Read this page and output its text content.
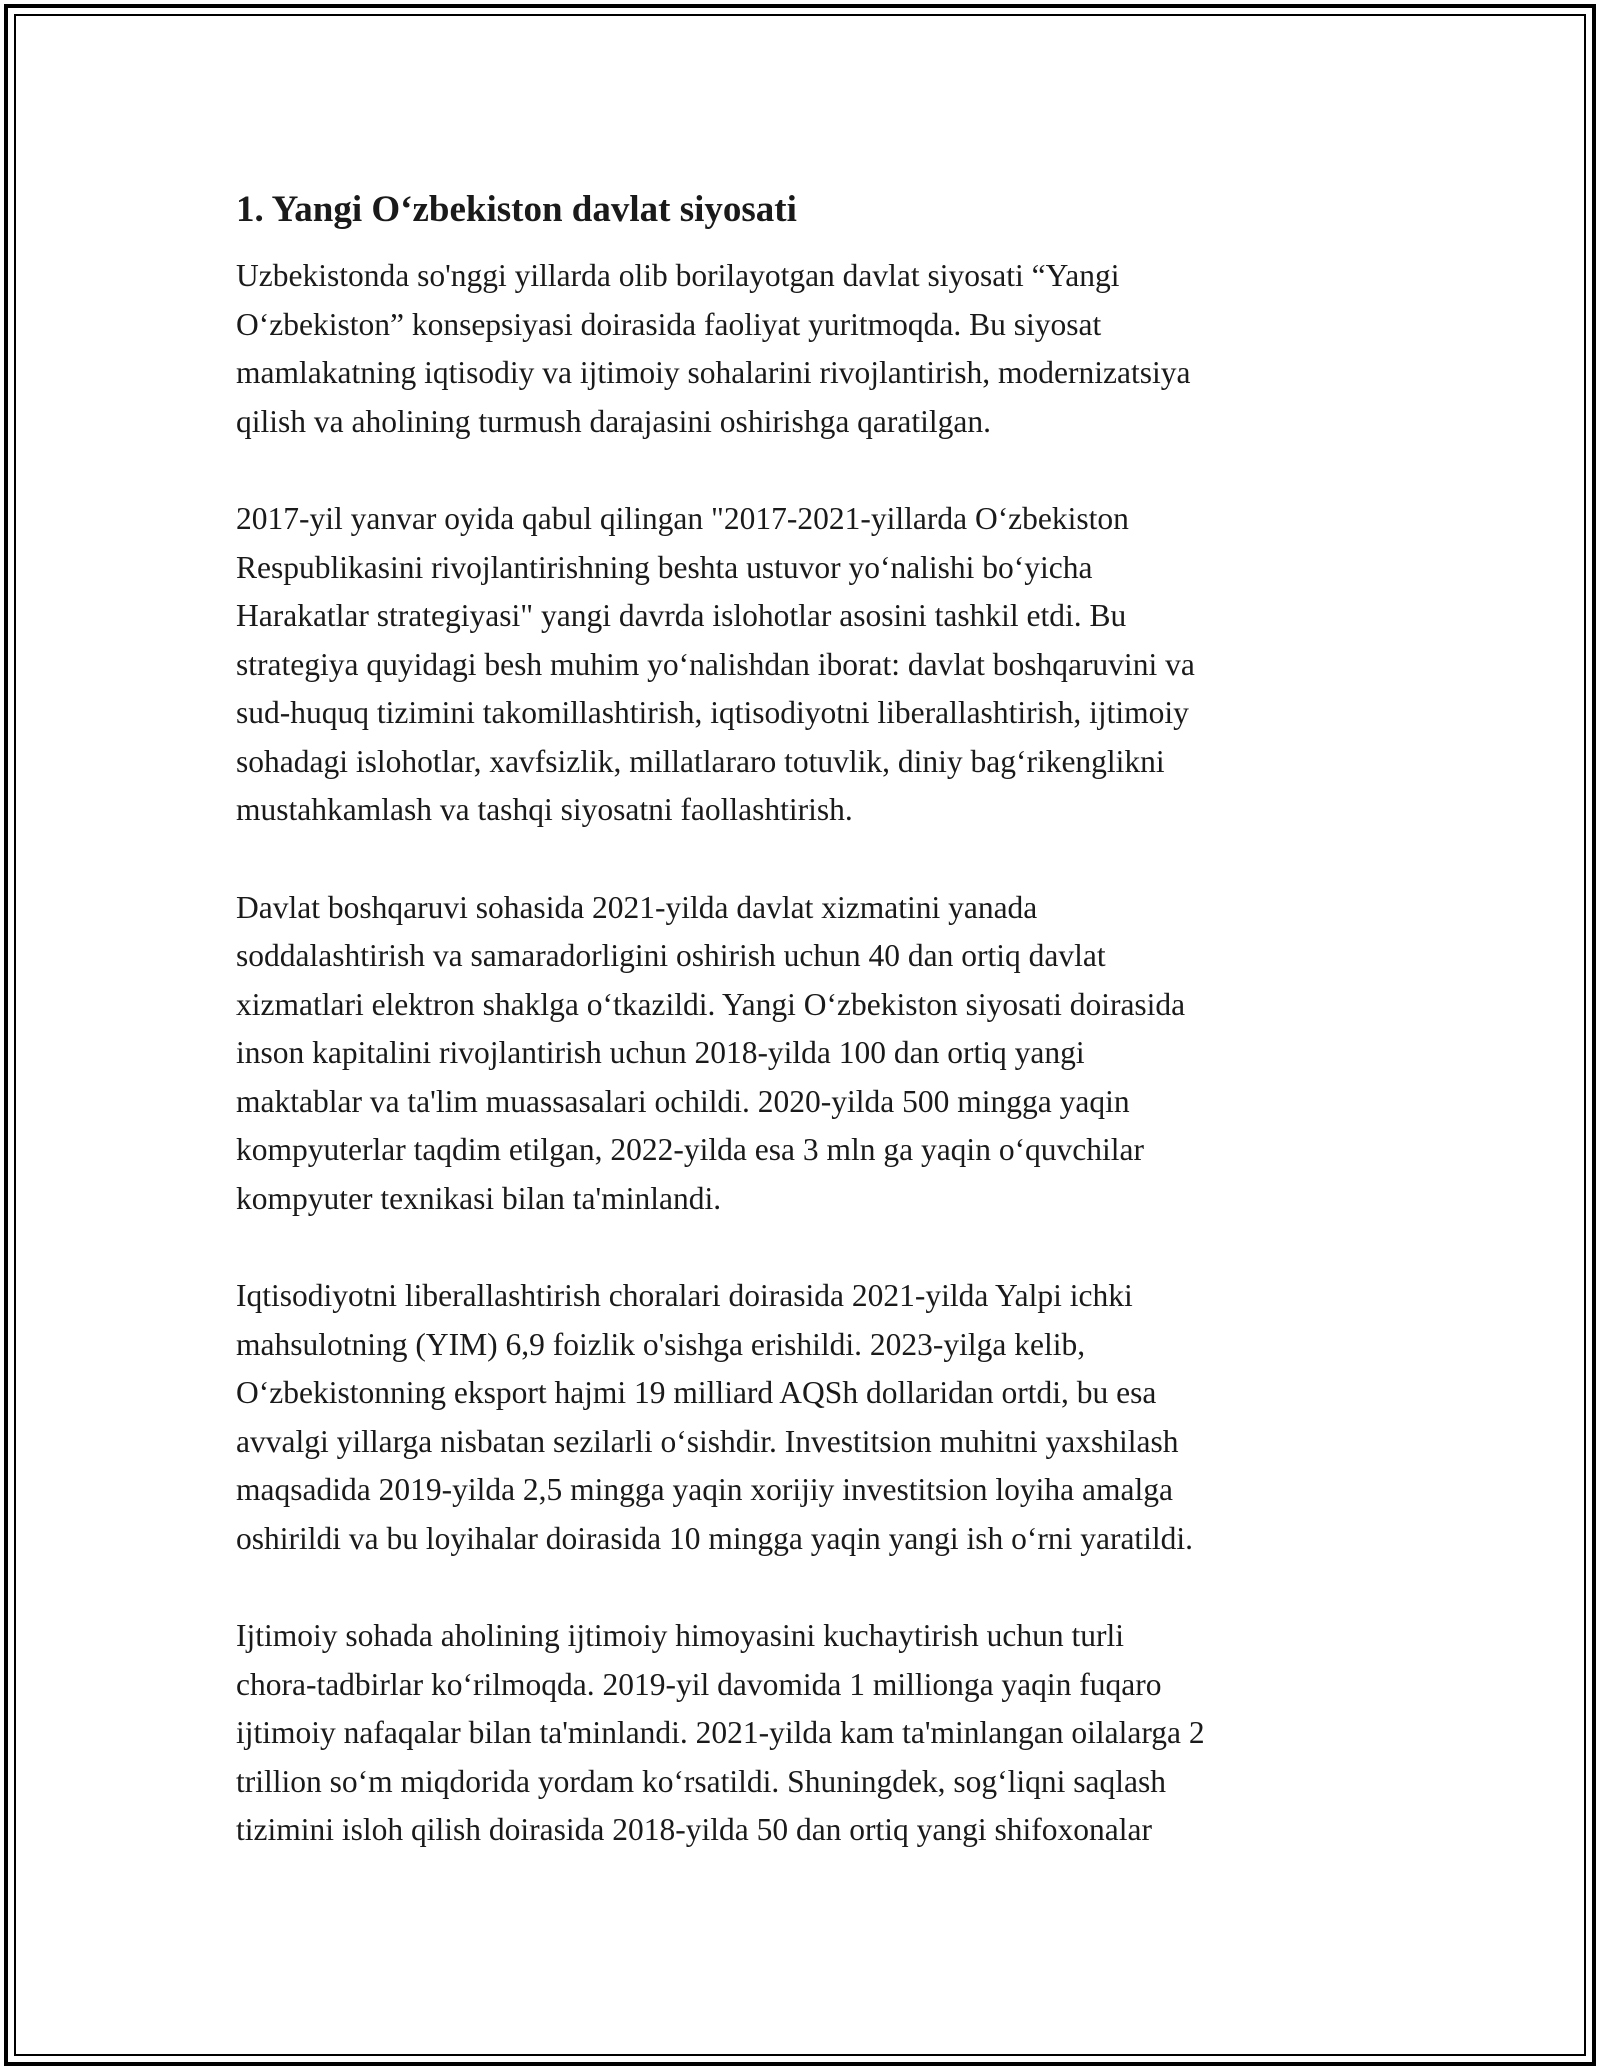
1. Yangi O‘zbekiston davlat siyosati

Uzbekistonda so'nggi yillarda olib borilayotgan davlat siyosati “Yangi
O‘zbekiston” konsepsiyasi doirasida faoliyat yuritmoqda. Bu siyosat
mamlakatning iqtisodiy va ijtimoiy sohalarini rivojlantirish, modernizatsiya
qilish va aholining turmush darajasini oshirishga qaratilgan.

2017-yil yanvar oyida qabul qilingan "2017-2021-yillarda O‘zbekiston
Respublikasini rivojlantirishning beshta ustuvor yo‘nalishi bo‘yicha
Harakatlar strategiyasi" yangi davrda islohotlar asosini tashkil etdi. Bu
strategiya quyidagi besh muhim yo‘nalishdan iborat: davlat boshqaruvini va
sud-huquq tizimini takomillashtirish, iqtisodiyotni liberallashtirish, ijtimoiy
sohadagi islohotlar, xavfsizlik, millatlararo totuvlik, diniy bag‘rikenglikni
mustahkamlash va tashqi siyosatni faollashtirish.

Davlat boshqaruvi sohasida 2021-yilda davlat xizmatini yanada
soddalashtirish va samaradorligini oshirish uchun 40 dan ortiq davlat
xizmatlari elektron shaklga o‘tkazildi. Yangi O‘zbekiston siyosati doirasida
inson kapitalini rivojlantirish uchun 2018-yilda 100 dan ortiq yangi
maktablar va ta'lim muassasalari ochildi. 2020-yilda 500 mingga yaqin
kompyuterlar taqdim etilgan, 2022-yilda esa 3 mln ga yaqin o‘quvchilar
kompyuter texnikasi bilan ta'minlandi.

Iqtisodiyotni liberallashtirish choralari doirasida 2021-yilda Yalpi ichki
mahsulotning (YIM) 6,9 foizlik o'sishga erishildi. 2023-yilga kelib,
O‘zbekistonning eksport hajmi 19 milliard AQSh dollaridan ortdi, bu esa
avvalgi yillarga nisbatan sezilarli o‘sishdir. Investitsion muhitni yaxshilash
maqsadida 2019-yilda 2,5 mingga yaqin xorijiy investitsion loyiha amalga
oshirildi va bu loyihalar doirasida 10 mingga yaqin yangi ish o‘rni yaratildi.

Ijtimoiy sohada aholining ijtimoiy himoyasini kuchaytirish uchun turli
chora-tadbirlar ko‘rilmoqda. 2019-yil davomida 1 millionga yaqin fuqaro
ijtimoiy nafaqalar bilan ta'minlandi. 2021-yilda kam ta'minlangan oilalarga 2
trillion so‘m miqdorida yordam ko‘rsatildi. Shuningdek, sog‘liqni saqlash
tizimini isloh qilish doirasida 2018-yilda 50 dan ortiq yangi shifoxonalar
